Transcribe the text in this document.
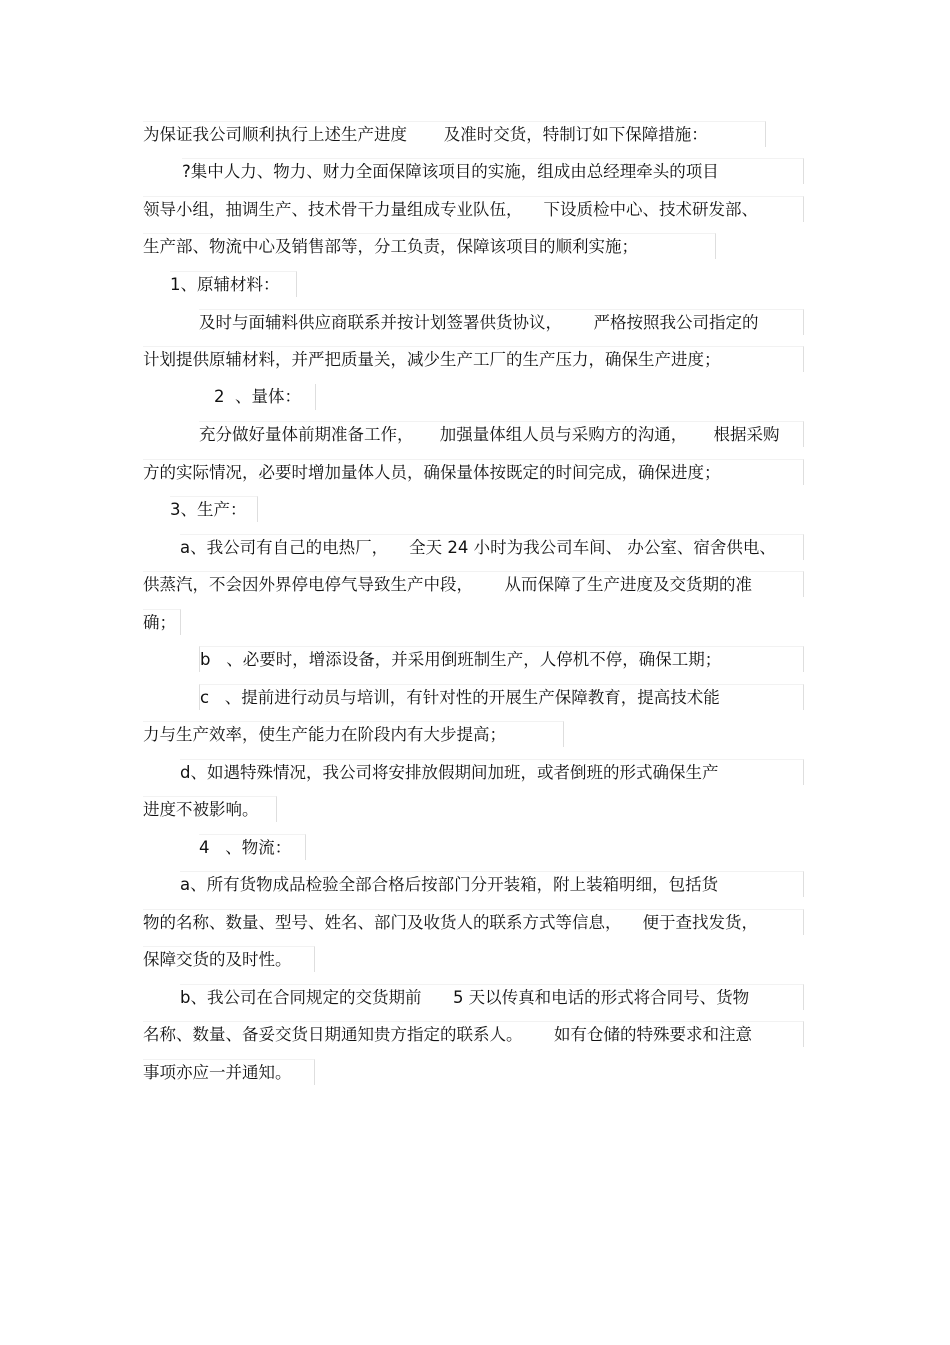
为保证我公司顺利执行上述生产进度       及准时交货，特制订如下保障措施：
?集中人力、物力、财力全面保障该项目的实施，组成由总经理牵头的项目
领导小组，抽调生产、技术骨干力量组成专业队伍，    下设质检中心、技术研发部、
生产部、物流中心及销售部等，分工负责，保障该项目的顺利实施；
1、原辅材料：
及时与面辅料供应商联系并按计划签署供货协议，      严格按照我公司指定的
计划提供原辅材料，并严把质量关，减少生产工厂的生产压力，确保生产进度；
2  、量体：
充分做好量体前期准备工作，     加强量体组人员与采购方的沟通，     根据采购
方的实际情况，必要时增加量体人员，确保量体按既定的时间完成，确保进度；
3、生产：
a、我公司有自己的电热厂，    全天 24 小时为我公司车间、 办公室、宿舍供电、
供蒸汽，不会因外界停电停气导致生产中段，      从而保障了生产进度及交货期的准
确；
b   、必要时，增添设备，并采用倒班制生产，人停机不停，确保工期；
c   、提前进行动员与培训，有针对性的开展生产保障教育，提高技术能
力与生产效率，使生产能力在阶段内有大步提高；
d、如遇特殊情况，我公司将安排放假期间加班，或者倒班的形式确保生产
进度不被影响。
4   、物流：
a、所有货物成品检验全部合格后按部门分开装箱，附上装箱明细，包括货
物的名称、数量、型号、姓名、部门及收货人的联系方式等信息，    便于查找发货，
保障交货的及时性。
b、我公司在合同规定的交货期前      5 天以传真和电话的形式将合同号、货物
名称、数量、备妥交货日期通知贵方指定的联系人。      如有仓储的特殊要求和注意
事项亦应一并通知。
